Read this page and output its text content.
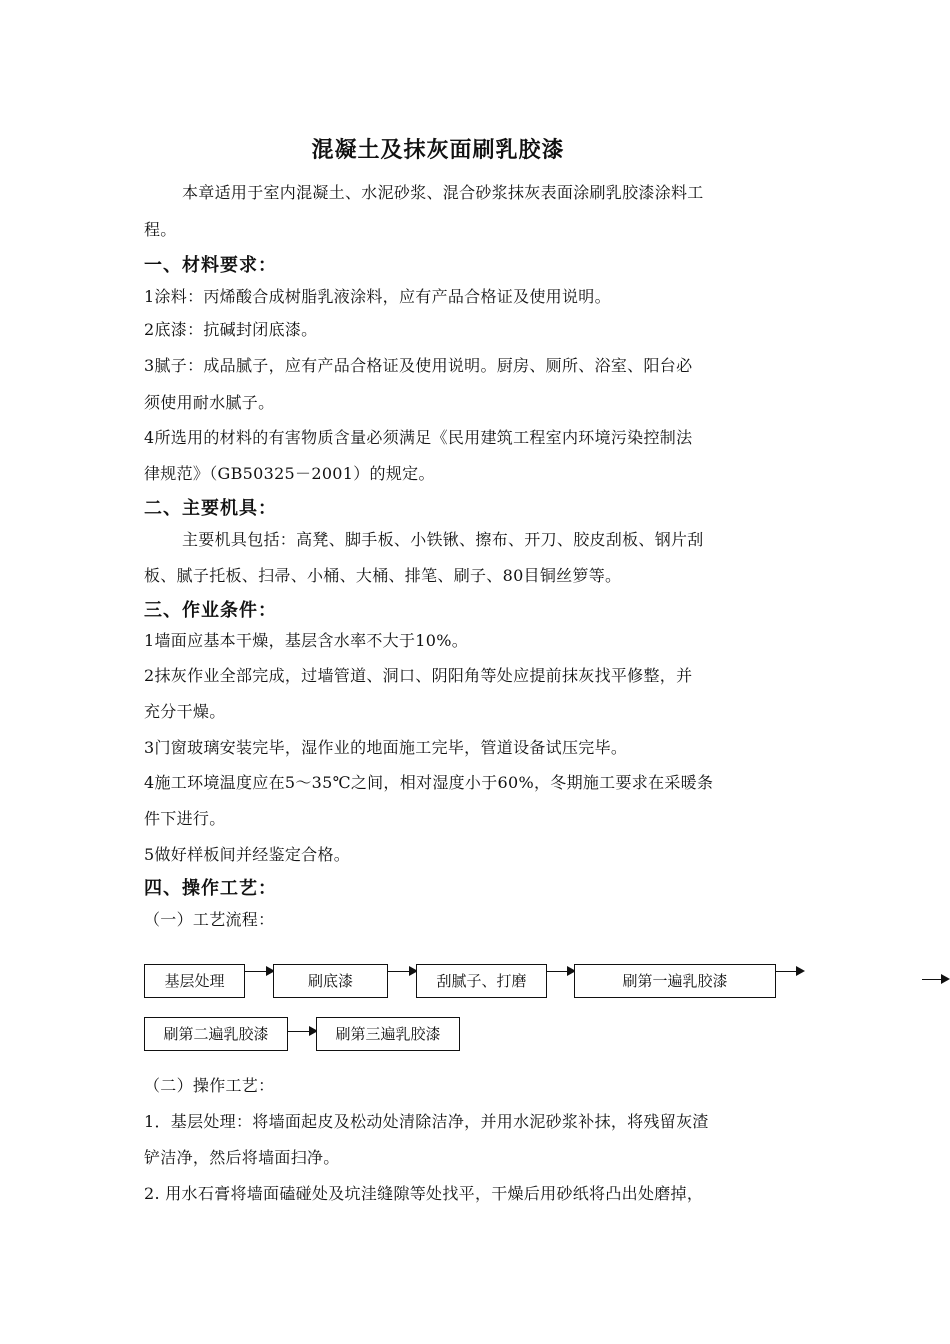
混凝土及抹灰面刷乳胶漆
本章适用于室内混凝土、水泥砂浆、混合砂浆抹灰表面涂刷乳胶漆涂料工
程。
一、材料要求：
1涂料：丙烯酸合成树脂乳液涂料，应有产品合格证及使用说明。
2底漆：抗碱封闭底漆。
3腻子：成品腻子，应有产品合格证及使用说明。厨房、厕所、浴室、阳台必
须使用耐水腻子。
4所选用的材料的有害物质含量必须满足《民用建筑工程室内环境污染控制法
律规范》（GB50325－2001）的规定。
二、主要机具：
主要机具包括：高凳、脚手板、小铁锹、擦布、开刀、胶皮刮板、钢片刮
板、腻子托板、扫帚、小桶、大桶、排笔、刷子、80目铜丝箩等。
三、作业条件：
1墙面应基本干燥，基层含水率不大于10%。
2抹灰作业全部完成，过墙管道、洞口、阴阳角等处应提前抹灰找平修整，并
充分干燥。
3门窗玻璃安装完毕，湿作业的地面施工完毕，管道设备试压完毕。
4施工环境温度应在5～35℃之间，相对湿度小于60%，冬期施工要求在采暖条
件下进行。
5做好样板间并经鉴定合格。
四、操作工艺：
（一）工艺流程：
基层处理	刷底漆	刮腻子、打磨	刷第一遍乳胶漆
刷第二遍乳胶漆	刷第三遍乳胶漆
（二）操作工艺：
1．基层处理：将墙面起皮及松动处清除洁净，并用水泥砂浆补抹，将残留灰渣
铲洁净，然后将墙面扫净。
2. 用水石膏将墙面磕碰处及坑洼缝隙等处找平，干燥后用砂纸将凸出处磨掉，
